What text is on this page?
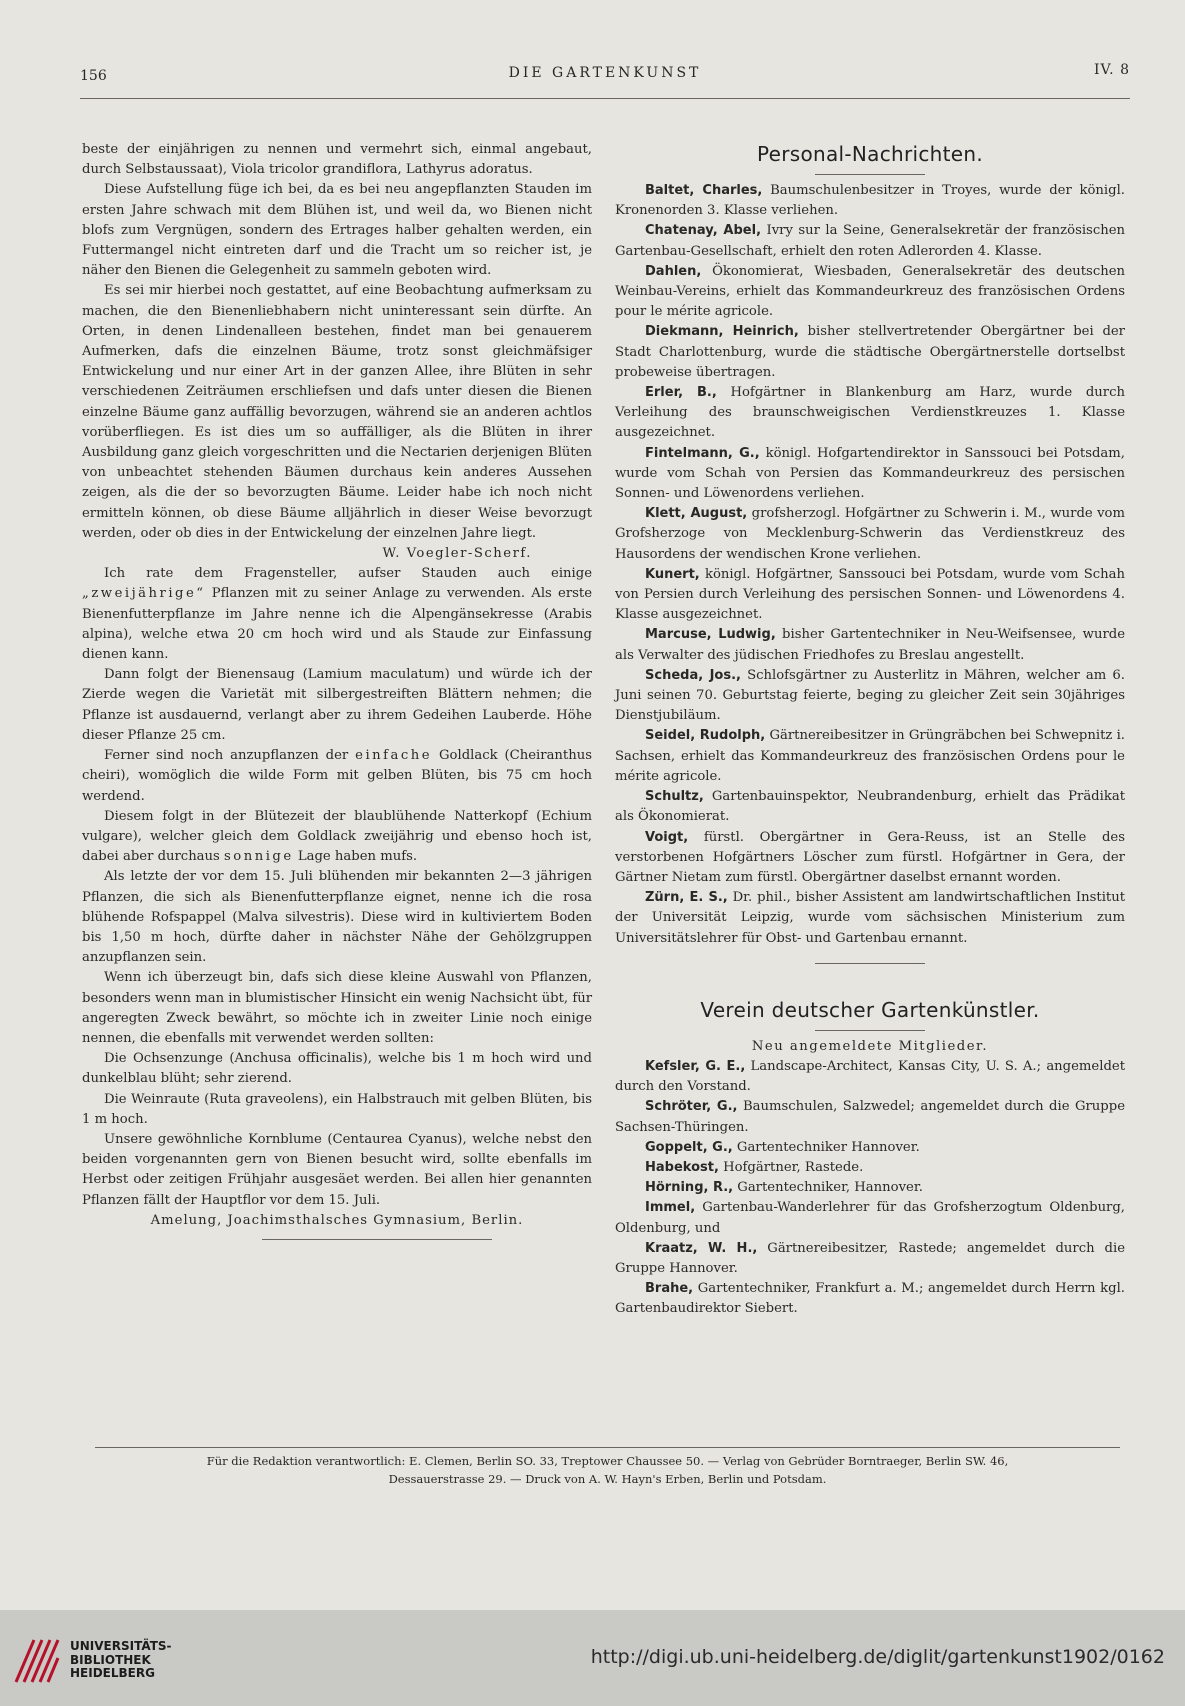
156	DIE GARTENKUNST	IV. 8

beste der einjährigen zu nennen und vermehrt sich, einmal angebaut, durch Selbstaussaat), Viola tricolor grandiflora, Lathyrus adoratus.

Diese Aufstellung füge ich bei, da es bei neu angepflanzten Stauden im ersten Jahre schwach mit dem Blühen ist, und weil da, wo Bienen nicht blofs zum Vergnügen, sondern des Ertrages halber gehalten werden, ein Futtermangel nicht eintreten darf und die Tracht um so reicher ist, je näher den Bienen die Gelegenheit zu sammeln geboten wird.

Es sei mir hierbei noch gestattet, auf eine Beobachtung aufmerksam zu machen, die den Bienenliebhabern nicht uninteressant sein dürfte. An Orten, in denen Lindenalleen bestehen, findet man bei genauerem Aufmerken, dafs die einzelnen Bäume, trotz sonst gleichmäfsiger Entwickelung und nur einer Art in der ganzen Allee, ihre Blüten in sehr verschiedenen Zeiträumen erschliefsen und dafs unter diesen die Bienen einzelne Bäume ganz auffällig bevorzugen, während sie an anderen achtlos vorüberfliegen. Es ist dies um so auffälliger, als die Blüten in ihrer Ausbildung ganz gleich vorgeschritten und die Nectarien derjenigen Blüten von unbeachtet stehenden Bäumen durchaus kein anderes Aussehen zeigen, als die der so bevorzugten Bäume. Leider habe ich noch nicht ermitteln können, ob diese Bäume alljährlich in dieser Weise bevorzugt werden, oder ob dies in der Entwickelung der einzelnen Jahre liegt.

W. Voegler-Scherf.

Ich rate dem Fragensteller, aufser Stauden auch einige „zweijährige“ Pflanzen mit zu seiner Anlage zu verwenden. Als erste Bienenfutterpflanze im Jahre nenne ich die Alpengänsekresse (Arabis alpina), welche etwa 20 cm hoch wird und als Staude zur Einfassung dienen kann.

Dann folgt der Bienensaug (Lamium maculatum) und würde ich der Zierde wegen die Varietät mit silbergestreiften Blättern nehmen; die Pflanze ist ausdauernd, verlangt aber zu ihrem Gedeihen Lauberde. Höhe dieser Pflanze 25 cm.

Ferner sind noch anzupflanzen der einfache Goldlack (Cheiranthus cheiri), womöglich die wilde Form mit gelben Blüten, bis 75 cm hoch werdend.

Diesem folgt in der Blütezeit der blaublühende Natterkopf (Echium vulgare), welcher gleich dem Goldlack zweijährig und ebenso hoch ist, dabei aber durchaus sonnige Lage haben mufs.

Als letzte der vor dem 15. Juli blühenden mir bekannten 2—3 jährigen Pflanzen, die sich als Bienenfutterpflanze eignet, nenne ich die rosa blühende Rofspappel (Malva silvestris). Diese wird in kultiviertem Boden bis 1,50 m hoch, dürfte daher in nächster Nähe der Gehölzgruppen anzupflanzen sein.

Wenn ich überzeugt bin, dafs sich diese kleine Auswahl von Pflanzen, besonders wenn man in blumistischer Hinsicht ein wenig Nachsicht übt, für angeregten Zweck bewährt, so möchte ich in zweiter Linie noch einige nennen, die ebenfalls mit verwendet werden sollten:

Die Ochsenzunge (Anchusa officinalis), welche bis 1 m hoch wird und dunkelblau blüht; sehr zierend.

Die Weinraute (Ruta graveolens), ein Halbstrauch mit gelben Blüten, bis 1 m hoch.

Unsere gewöhnliche Kornblume (Centaurea Cyanus), welche nebst den beiden vorgenannten gern von Bienen besucht wird, sollte ebenfalls im Herbst oder zeitigen Frühjahr ausgesäet werden. Bei allen hier genannten Pflanzen fällt der Hauptflor vor dem 15. Juli.

Amelung, Joachimsthalsches Gymnasium, Berlin.
Personal-Nachrichten.

Baltet, Charles, Baumschulenbesitzer in Troyes, wurde der königl. Kronenorden 3. Klasse verliehen.

Chatenay, Abel, Ivry sur la Seine, Generalsekretär der französischen Gartenbau-Gesellschaft, erhielt den roten Adlerorden 4. Klasse.

Dahlen, Ökonomierat, Wiesbaden, Generalsekretär des deutschen Weinbau-Vereins, erhielt das Kommandeurkreuz des französischen Ordens pour le mérite agricole.

Diekmann, Heinrich, bisher stellvertretender Obergärtner bei der Stadt Charlottenburg, wurde die städtische Obergärtnerstelle dortselbst probeweise übertragen.

Erler, B., Hofgärtner in Blankenburg am Harz, wurde durch Verleihung des braunschweigischen Verdienstkreuzes 1. Klasse ausgezeichnet.

Fintelmann, G., königl. Hofgartendirektor in Sanssouci bei Potsdam, wurde vom Schah von Persien das Kommandeurkreuz des persischen Sonnen- und Löwenordens verliehen.

Klett, August, grofsherzogl. Hofgärtner zu Schwerin i. M., wurde vom Grofsherzoge von Mecklenburg-Schwerin das Verdienstkreuz des Hausordens der wendischen Krone verliehen.

Kunert, königl. Hofgärtner, Sanssouci bei Potsdam, wurde vom Schah von Persien durch Verleihung des persischen Sonnen- und Löwenordens 4. Klasse ausgezeichnet.

Marcuse, Ludwig, bisher Gartentechniker in Neu-Weifsensee, wurde als Verwalter des jüdischen Friedhofes zu Breslau angestellt.

Scheda, Jos., Schlofsgärtner zu Austerlitz in Mähren, welcher am 6. Juni seinen 70. Geburtstag feierte, beging zu gleicher Zeit sein 30jähriges Dienstjubiläum.

Seidel, Rudolph, Gärtnereibesitzer in Grüngräbchen bei Schwepnitz i. Sachsen, erhielt das Kommandeurkreuz des französischen Ordens pour le mérite agricole.

Schultz, Gartenbauinspektor, Neubrandenburg, erhielt das Prädikat als Ökonomierat.

Voigt, fürstl. Obergärtner in Gera-Reuss, ist an Stelle des verstorbenen Hofgärtners Löscher zum fürstl. Hofgärtner in Gera, der Gärtner Nietam zum fürstl. Obergärtner daselbst ernannt worden.

Zürn, E. S., Dr. phil., bisher Assistent am landwirtschaftlichen Institut der Universität Leipzig, wurde vom sächsischen Ministerium zum Universitätslehrer für Obst- und Gartenbau ernannt.

Verein deutscher Gartenkünstler.
Neu angemeldete Mitglieder.

Kefsler, G. E., Landscape-Architect, Kansas City, U. S. A.; angemeldet durch den Vorstand.

Schröter, G., Baumschulen, Salzwedel; angemeldet durch die Gruppe Sachsen-Thüringen.

Goppelt, G., Gartentechniker Hannover.

Habekost, Hofgärtner, Rastede.

Hörning, R., Gartentechniker, Hannover.

Immel, Gartenbau-Wanderlehrer für das Grofsherzogtum Oldenburg, Oldenburg, und

Kraatz, W. H., Gärtnereibesitzer, Rastede; angemeldet durch die Gruppe Hannover.

Brahe, Gartentechniker, Frankfurt a. M.; angemeldet durch Herrn kgl. Gartenbaudirektor Siebert.

Für die Redaktion verantwortlich: E. Clemen, Berlin SO. 33, Treptower Chaussee 50. — Verlag von Gebrüder Borntraeger, Berlin SW. 46,
Dessauerstrasse 29. — Druck von A. W. Hayn's Erben, Berlin und Potsdam.
UNIVERSITÄTS-
BIBLIOTHEK
HEIDELBERG
http://digi.ub.uni-heidelberg.de/diglit/gartenkunst1902/0162
